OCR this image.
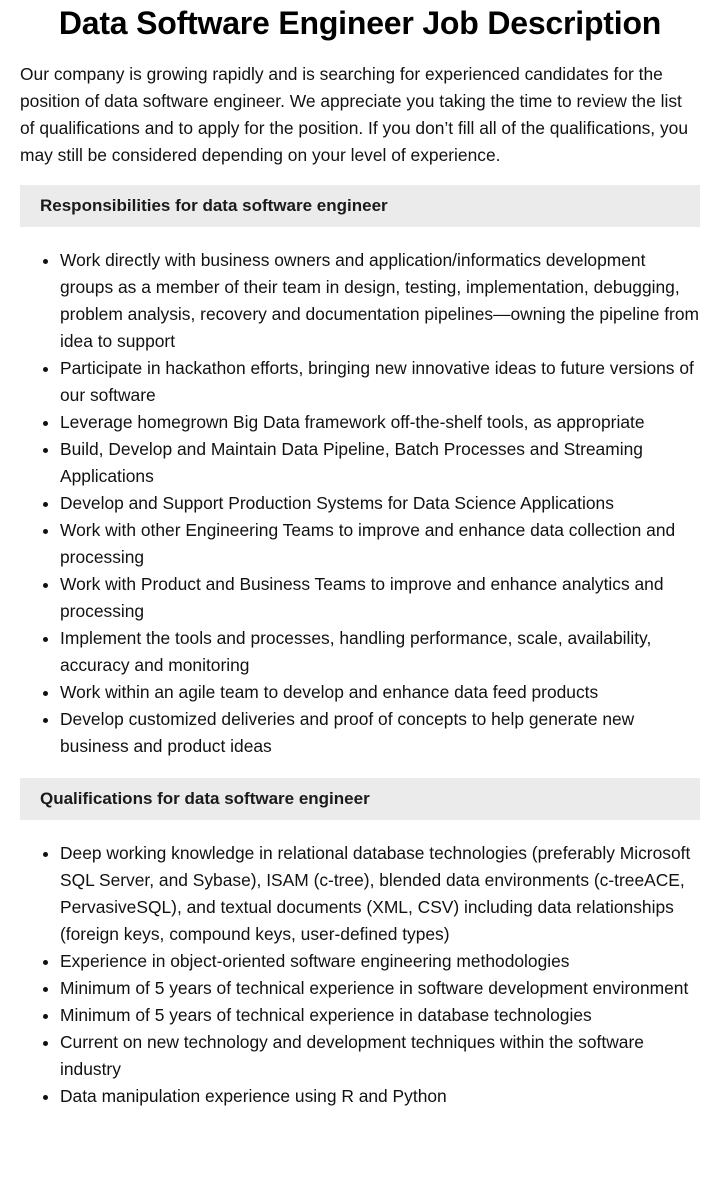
Data Software Engineer Job Description

Our company is growing rapidly and is searching for experienced candidates for the position of data software engineer. We appreciate you taking the time to review the list of qualifications and to apply for the position. If you don’t fill all of the qualifications, you may still be considered depending on your level of experience.

Responsibilities for data software engineer
Work directly with business owners and application/informatics development groups as a member of their team in design, testing, implementation, debugging, problem analysis, recovery and documentation pipelines—owning the pipeline from idea to support
Participate in hackathon efforts, bringing new innovative ideas to future versions of our software
Leverage homegrown Big Data framework off-the-shelf tools, as appropriate
Build, Develop and Maintain Data Pipeline, Batch Processes and Streaming Applications
Develop and Support Production Systems for Data Science Applications
Work with other Engineering Teams to improve and enhance data collection and processing
Work with Product and Business Teams to improve and enhance analytics and processing
Implement the tools and processes, handling performance, scale, availability, accuracy and monitoring
Work within an agile team to develop and enhance data feed products
Develop customized deliveries and proof of concepts to help generate new business and product ideas
Qualifications for data software engineer
Deep working knowledge in relational database technologies (preferably Microsoft SQL Server, and Sybase), ISAM (c-tree), blended data environments (c-treeACE, PervasiveSQL), and textual documents (XML, CSV) including data relationships (foreign keys, compound keys, user-defined types)
Experience in object-oriented software engineering methodologies
Minimum of 5 years of technical experience in software development environment
Minimum of 5 years of technical experience in database technologies
Current on new technology and development techniques within the software industry
Data manipulation experience using R and Python
